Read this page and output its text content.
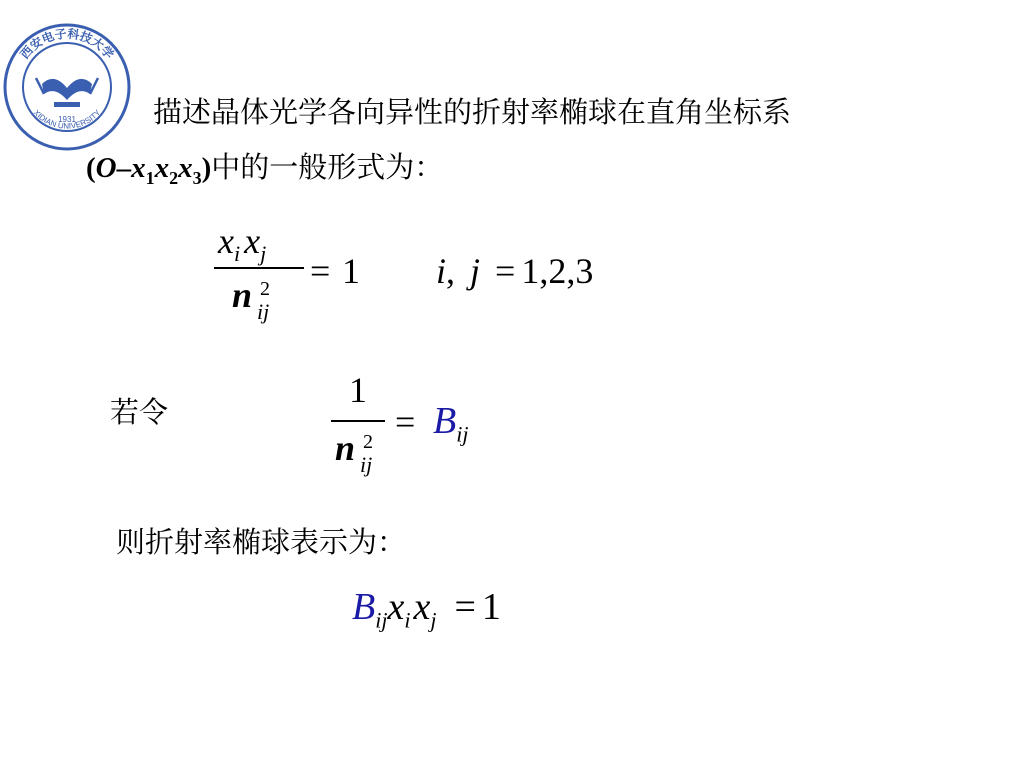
西安电子科技大学
XIDIAN UNIVERSITY
1931	描述晶体光学各向异性的折射率椭球在直角坐标系
$(O-x_1x_2x_3)$中的一般形式为：
$x_i$ $x_j$
n 2
ij
= 1 i, j = 1,2,3
若令
1
n 2
ij
= $B_{ij}$
则折射率椭球表示为：
$B_{ij}x_ix_j = 1$
